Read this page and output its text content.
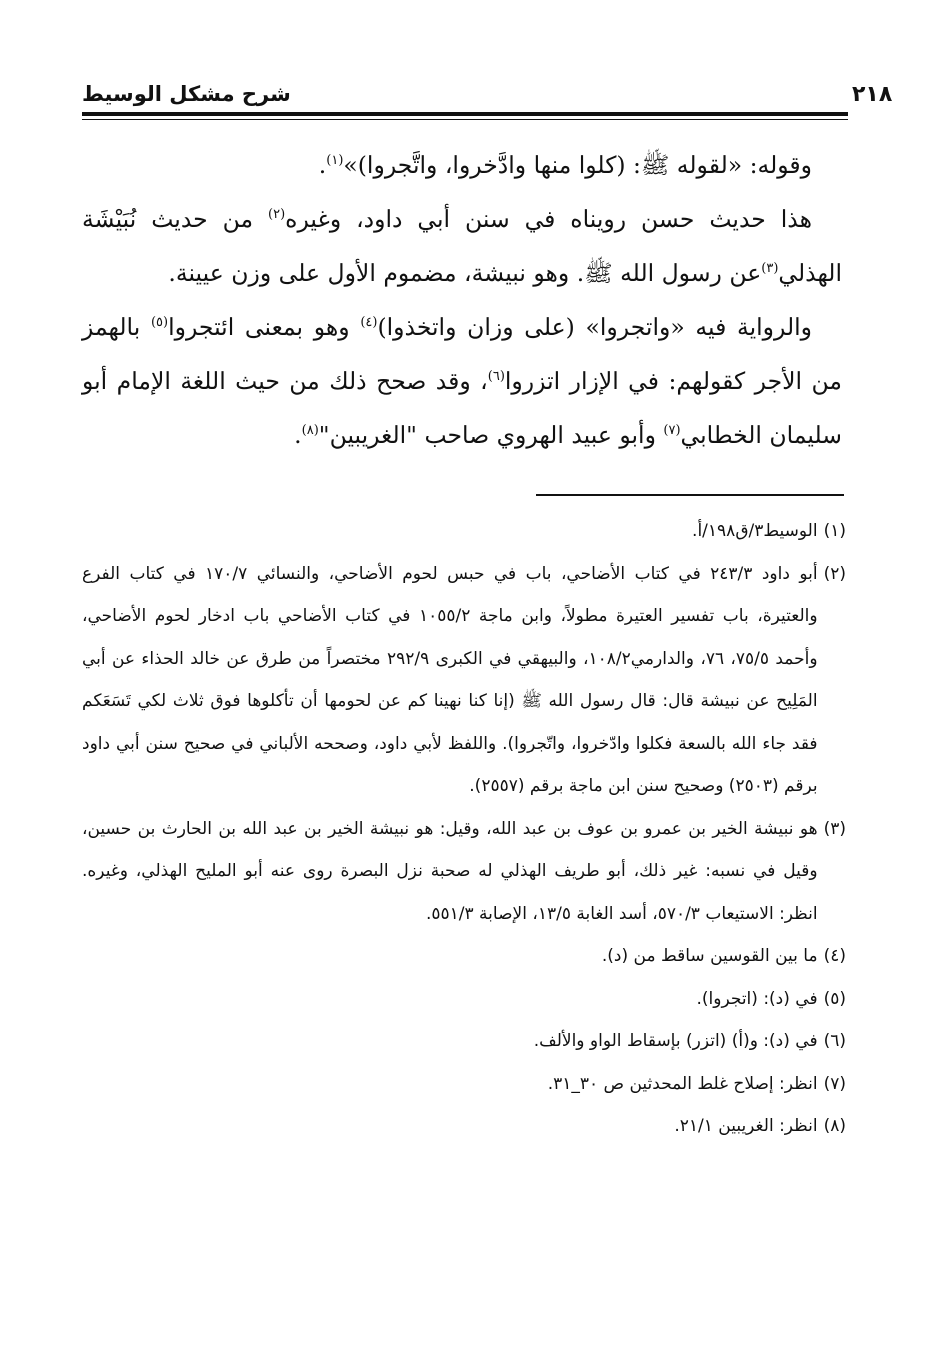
٢١٨
شرح مشكل الوسيط

وقوله: «لقوله ﷺ: (كلوا منها وادَّخروا، واتَّجروا)»$^{(١)}$.

هذا حديث حسن رويناه في سنن أبي داود، وغيره$^{(٢)}$ من حديث نُبَيْشَة الهذلي$^{(٣)}$عن رسول الله ﷺ. وهو نبيشة، مضموم الأول على وزن عيينة.

والرواية فيه «واتجروا» (على وزان واتخذوا)$^{(٤)}$ وهو بمعنى ائتجروا$^{(٥)}$ بالهمز من الأجر كقولهم: في الإزار اتزروا$^{(٦)}$، وقد صحح ذلك من حيث اللغة الإمام أبو سليمان الخطابي$^{(٧)}$ وأبو عبيد الهروي صاحب "الغريبين"$^{(٨)}$.

(١)
الوسيط٣/ق١٩٨/أ.
(٢)
أبو داود ٢٤٣/٣ في كتاب الأضاحي، باب في حبس لحوم الأضاحي، والنسائي ١٧٠/٧ في كتاب الفرع والعتيرة، باب تفسير العتيرة مطولاً، وابن ماجة ١٠٥٥/٢ في كتاب الأضاحي باب ادخار لحوم الأضاحي، وأحمد ٧٥/٥، ٧٦، والدارمي١٠٨/٢، والبيهقي في الكبرى ٢٩٢/٩ مختصراً من طرق عن خالد الحذاء عن أبي المَلِيح عن نبيشة قال: قال رسول الله ﷺ (إنا كنا نهينا كم عن لحومها أن تأكلوها فوق ثلاث لكي تَسَعَكم فقد جاء الله بالسعة فكلوا وادّخروا، واتّجروا). واللفظ لأبي داود، وصححه الألباني في صحيح سنن أبي داود برقم (٢٥٠٣) وصحيح سنن ابن ماجة برقم (٢٥٥٧).
(٣)
هو نبيشة الخير بن عمرو بن عوف بن عبد الله، وقيل: هو نبيشة الخير بن عبد الله بن الحارث بن حسين، وقيل في نسبه: غير ذلك، أبو طريف الهذلي له صحبة نزل البصرة روى عنه أبو المليح الهذلي، وغيره. انظر: الاستيعاب ٥٧٠/٣، أسد الغابة ١٣/٥، الإصابة ٥٥١/٣.
(٤)
ما بين القوسين ساقط من (د).
(٥)
في (د): (اتجروا).
(٦)
في (د): و(أ) (اتزر) بإسقاط الواو والألف.
(٧)
انظر: إصلاح غلط المحدثين ص ٣٠_٣١.
(٨)
انظر: الغريبين ٢١/١.
